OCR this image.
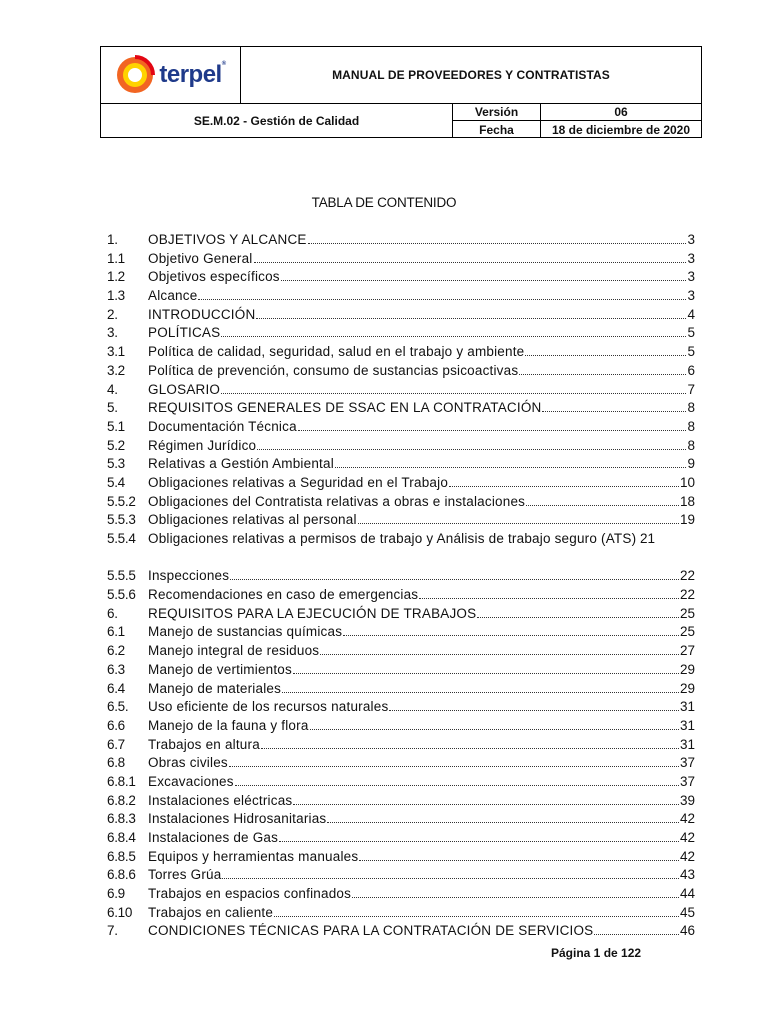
terpel®
MANUAL DE PROVEEDORES Y CONTRATISTAS
SE.M.02 - Gestión de Calidad
Versión	06
Fecha	18 de diciembre de 2020
TABLA DE CONTENIDO
1. OBJETIVOS Y ALCANCE	3
1.1 Objetivo General	3
1.2 Objetivos específicos	3
1.3 Alcance	3
2. INTRODUCCIÓN	4
3. POLÍTICAS	5
3.1 Política de calidad, seguridad, salud en el trabajo y ambiente	5
3.2 Política de prevención, consumo de sustancias psicoactivas	6
4. GLOSARIO	7
5. REQUISITOS GENERALES DE SSAC EN LA CONTRATACIÓN	8
5.1 Documentación Técnica	8
5.2 Régimen Jurídico	8
5.3 Relativas a Gestión Ambiental	9
5.4 Obligaciones relativas a Seguridad en el Trabajo	10
5.5.2 Obligaciones del Contratista relativas a obras e instalaciones	18
5.5.3 Obligaciones relativas al personal	19
5.5.4 Obligaciones relativas a permisos de trabajo y Análisis de trabajo seguro (ATS) 21
5.5.5 Inspecciones	22
5.5.6 Recomendaciones en caso de emergencias	22
6. REQUISITOS PARA LA EJECUCIÓN DE TRABAJOS	25
6.1 Manejo de sustancias químicas	25
6.2 Manejo integral de residuos	27
6.3 Manejo de vertimientos	29
6.4 Manejo de materiales	29
6.5. Uso eficiente de los recursos naturales	31
6.6 Manejo de la fauna y flora	31
6.7 Trabajos en altura	31
6.8 Obras civiles	37
6.8.1 Excavaciones	37
6.8.2 Instalaciones eléctricas	39
6.8.3 Instalaciones Hidrosanitarias	42
6.8.4 Instalaciones de Gas	42
6.8.5 Equipos y herramientas manuales	42
6.8.6 Torres Grúa	43
6.9 Trabajos en espacios confinados	44
6.10 Trabajos en caliente	45
7. CONDICIONES TÉCNICAS PARA LA CONTRATACIÓN DE SERVICIOS	46
Página 1 de 122
